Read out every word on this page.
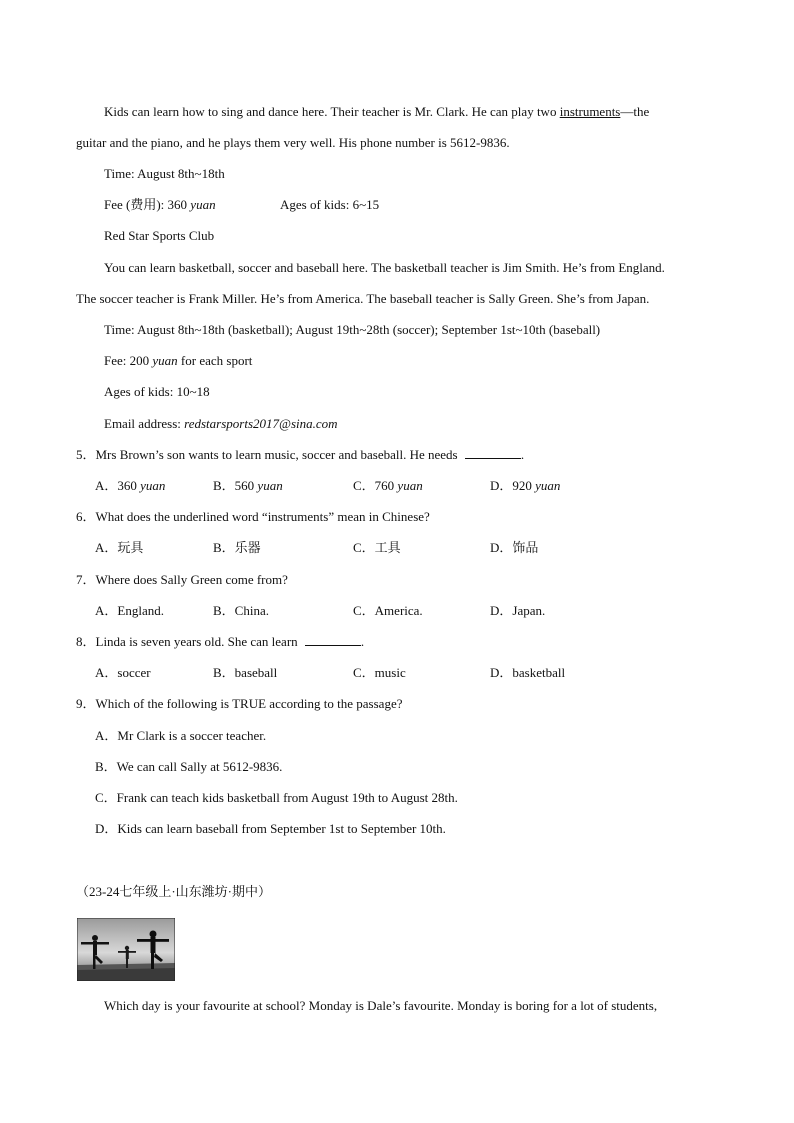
Kids can learn how to sing and dance here. Their teacher is Mr. Clark. He can play two instruments—the
guitar and the piano, and he plays them very well. His phone number is 5612-9836.
Time: August 8th~18th
Fee (费用): 360 yuan	Ages of kids: 6~15
Red Star Sports Club
You can learn basketball, soccer and baseball here. The basketball teacher is Jim Smith. He’s from England.
The soccer teacher is Frank Miller. He’s from America. The baseball teacher is Sally Green. She’s from Japan.
Time: August 8th~18th (basketball); August 19th~28th (soccer); September 1st~10th (baseball)
Fee: 200 yuan for each sport
Ages of kids: 10~18
Email address: redstarsports2017@sina.com
5．Mrs Brown’s son wants to learn music, soccer and baseball. He needs	.
A．360 yuan	B．560 yuan	C．760 yuan	D．920 yuan
6．What does the underlined word “instruments” mean in Chinese?
A．玩具	B．乐器	C．工具	D．饰品
7．Where does Sally Green come from?
A．England.	B．China.	C．America.	D．Japan.
8．Linda is seven years old. She can learn	.
A．soccer	B．baseball	C．music	D．basketball
9．Which of the following is TRUE according to the passage?
A．Mr Clark is a soccer teacher.
B．We can call Sally at 5612-9836.
C．Frank can teach kids basketball from August 19th to August 28th.
D．Kids can learn baseball from September 1st to September 10th.
（23-24七年级上·山东潍坊·期中）
Which day is your favourite at school? Monday is Dale’s favourite. Monday is boring for a lot of students,
